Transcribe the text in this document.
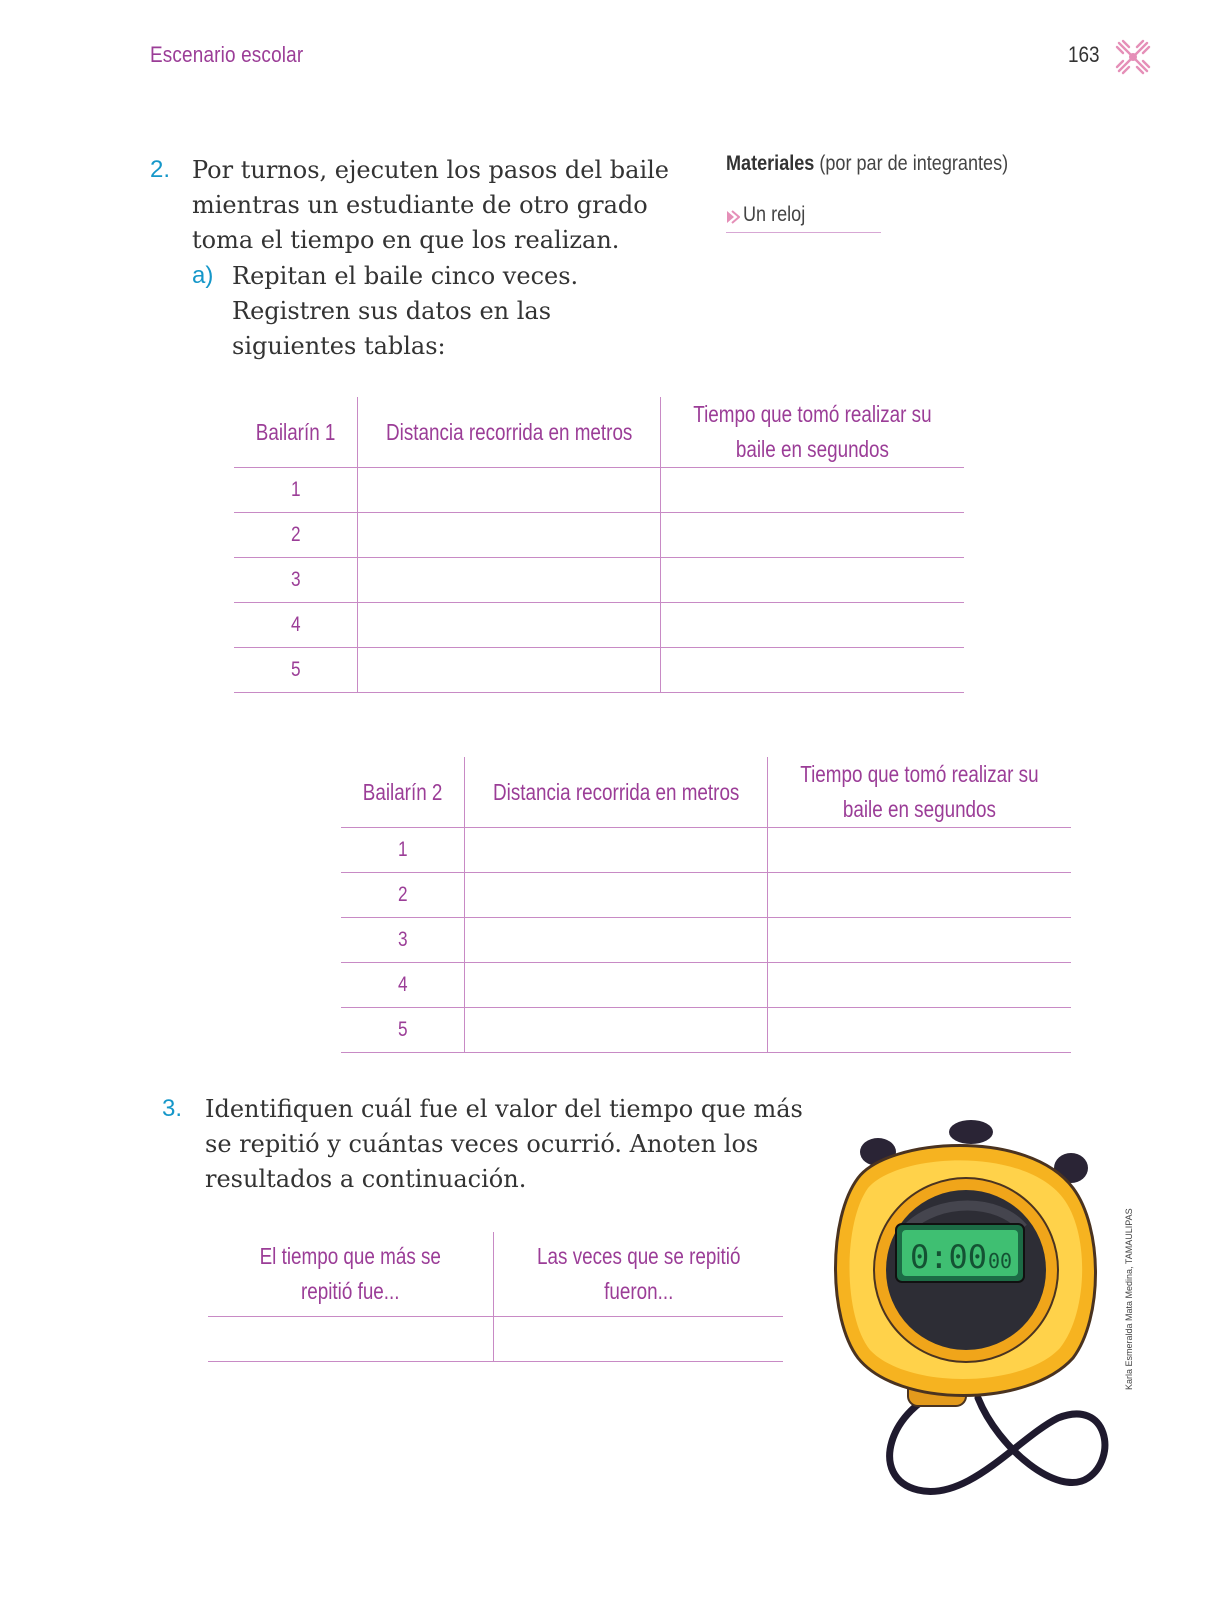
Escenario escolar	163
2. Por turnos, ejecuten los pasos del baile mientras un estudiante de otro grado toma el tiempo en que los realizan.
a) Repitan el baile cinco veces. Registren sus datos en las siguientes tablas:
Materiales (por par de integrantes)
Un reloj
Bailarín 1	Distancia recorrida en metros	Tiempo que tomó realizar su baile en segundos
1		
2		
3		
4		
5		
Bailarín 2	Distancia recorrida en metros	Tiempo que tomó realizar su baile en segundos
1		
2		
3		
4		
5		
3. Identifiquen cuál fue el valor del tiempo que más se repitió y cuántas veces ocurrió. Anoten los resultados a continuación.
El tiempo que más se repitió fue...	Las veces que se repitió fueron...

0:00 00	Karla Esmeralda Mata Medina, TAMAULIPAS
